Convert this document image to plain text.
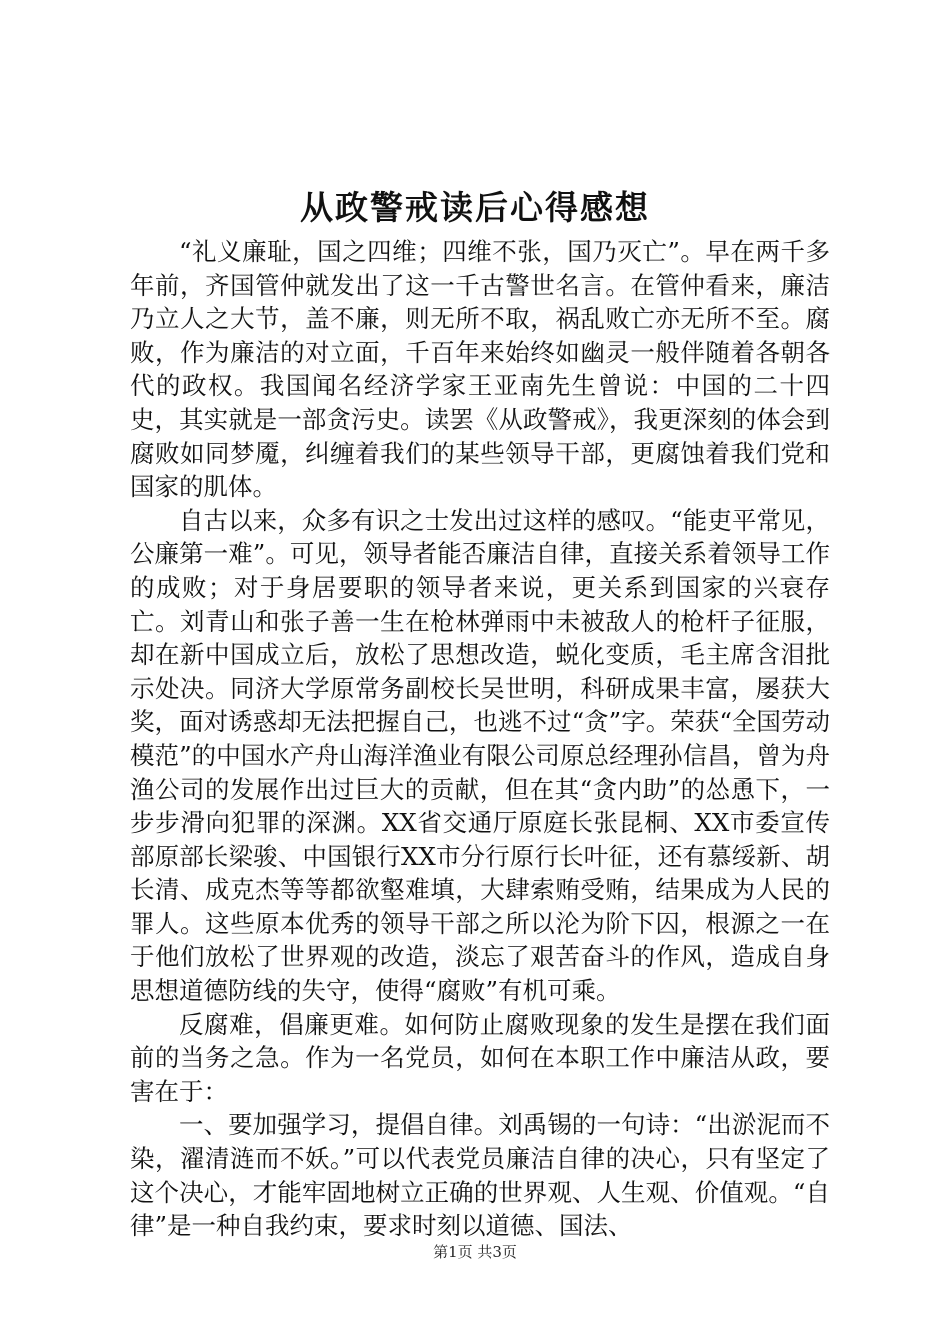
从政警戒读后心得感想

“礼义廉耻，国之四维；四维不张，国乃灭亡”。早在两千多年前，齐国管仲就发出了这一千古警世名言。在管仲看来，廉洁乃立人之大节，盖不廉，则无所不取，祸乱败亡亦无所不至。腐败，作为廉洁的对立面，千百年来始终如幽灵一般伴随着各朝各代的政权。我国闻名经济学家王亚南先生曾说：中国的二十四史，其实就是一部贪污史。读罢《从政警戒》，我更深刻的体会到腐败如同梦魇，纠缠着我们的某些领导干部，更腐蚀着我们党和国家的肌体。

自古以来，众多有识之士发出过这样的感叹。“能吏平常见，公廉第一难”。可见，领导者能否廉洁自律，直接关系着领导工作的成败；对于身居要职的领导者来说，更关系到国家的兴衰存亡。刘青山和张子善一生在枪林弹雨中未被敌人的枪杆子征服，却在新中国成立后，放松了思想改造，蜕化变质，毛主席含泪批示处决。同济大学原常务副校长吴世明，科研成果丰富，屡获大奖，面对诱惑却无法把握自己，也逃不过“贪”字。荣获“全国劳动模范”的中国水产舟山海洋渔业有限公司原总经理孙信昌，曾为舟渔公司的发展作出过巨大的贡献，但在其“贪内助”的怂恿下，一步步滑向犯罪的深渊。XX省交通厅原庭长张昆桐、XX市委宣传部原部长梁骏、中国银行XX市分行原行长叶征，还有慕绥新、胡长清、成克杰等等都欲壑难填，大肆索贿受贿，结果成为人民的罪人。这些原本优秀的领导干部之所以沦为阶下囚，根源之一在于他们放松了世界观的改造，淡忘了艰苦奋斗的作风，造成自身思想道德防线的失守，使得“腐败”有机可乘。

反腐难，倡廉更难。如何防止腐败现象的发生是摆在我们面前的当务之急。作为一名党员，如何在本职工作中廉洁从政，要害在于：

一、要加强学习，提倡自律。刘禹锡的一句诗：“出淤泥而不染，濯清涟而不妖。”可以代表党员廉洁自律的决心，只有坚定了这个决心，才能牢固地树立正确的世界观、人生观、价值观。“自律”是一种自我约束，要求时刻以道德、国法、

第1页 共3页
